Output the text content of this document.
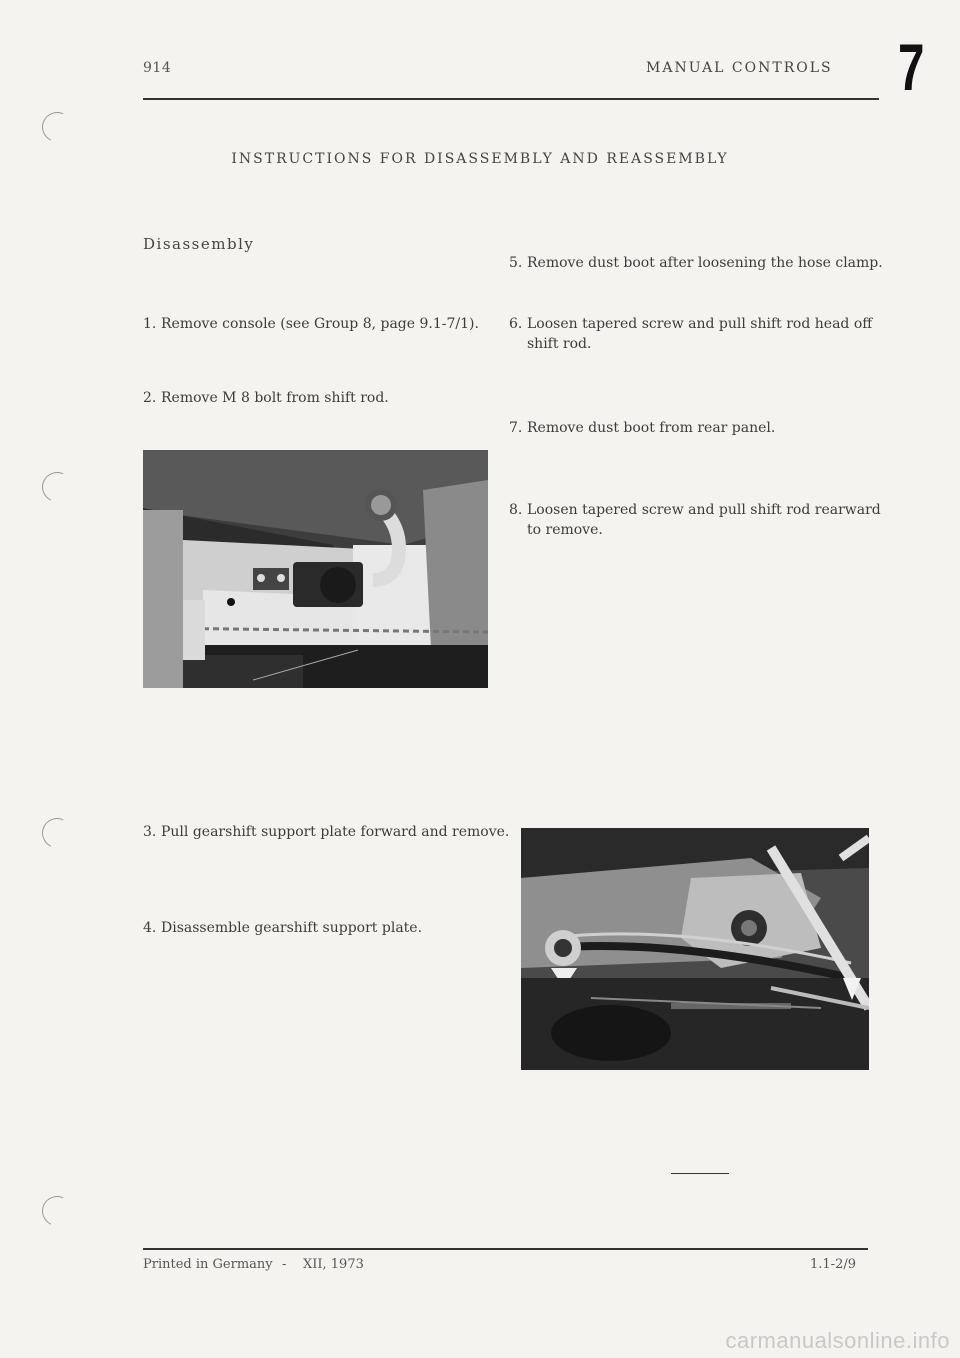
914	MANUAL CONTROLS 7
INSTRUCTIONS FOR DISASSEMBLY AND REASSEMBLY
Disassembly
1. Remove console (see Group 8, page 9.1-7/1).
2. Remove M 8 bolt from shift rod.
3. Pull gearshift support plate forward and remove.
4. Disassemble gearshift support plate.
5. Remove dust boot after loosening the hose clamp.
6. Loosen tapered screw and pull shift rod head off
shift rod.
7. Remove dust boot from rear panel.
8. Loosen tapered screw and pull shift rod rearward
to remove.
Printed in Germany - XII, 1973	1.1-2/9
carmanualsonline.info
